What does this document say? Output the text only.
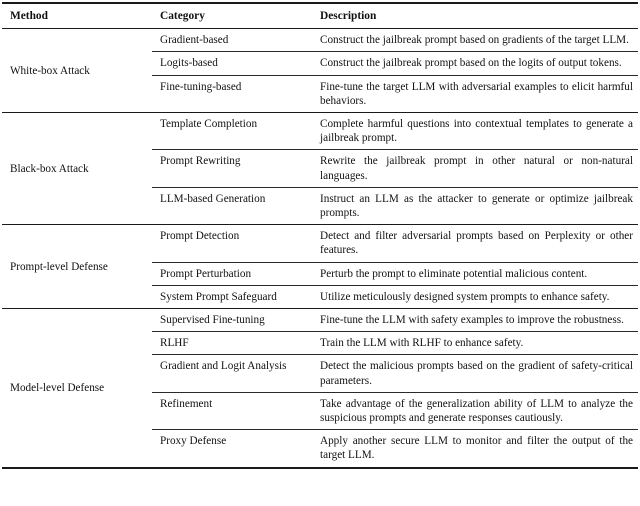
Method	Category	Description
White-box Attack	Gradient-based	Construct the jailbreak prompt based on gradients of the target LLM.
	Logits-based	Construct the jailbreak prompt based on the logits of output tokens.
	Fine-tuning-based	Fine-tune the target LLM with adversarial examples to elicit harmful behaviors.
Black-box Attack	Template Completion	Complete harmful questions into contextual templates to generate a jailbreak prompt.
	Prompt Rewriting	Rewrite the jailbreak prompt in other natural or non-natural languages.
	LLM-based Generation	Instruct an LLM as the attacker to generate or optimize jailbreak prompts.
Prompt-level Defense	Prompt Detection	Detect and filter adversarial prompts based on Perplexity or other features.
	Prompt Perturbation	Perturb the prompt to eliminate potential malicious content.
	System Prompt Safeguard	Utilize meticulously designed system prompts to enhance safety.
Model-level Defense	Supervised Fine-tuning	Fine-tune the LLM with safety examples to improve the robustness.
	RLHF	Train the LLM with RLHF to enhance safety.
	Gradient and Logit Analysis	Detect the malicious prompts based on the gradient of safety-critical parameters.
	Refinement	Take advantage of the generalization ability of LLM to analyze the suspicious prompts and generate responses cautiously.
	Proxy Defense	Apply another secure LLM to monitor and filter the output of the target LLM.
